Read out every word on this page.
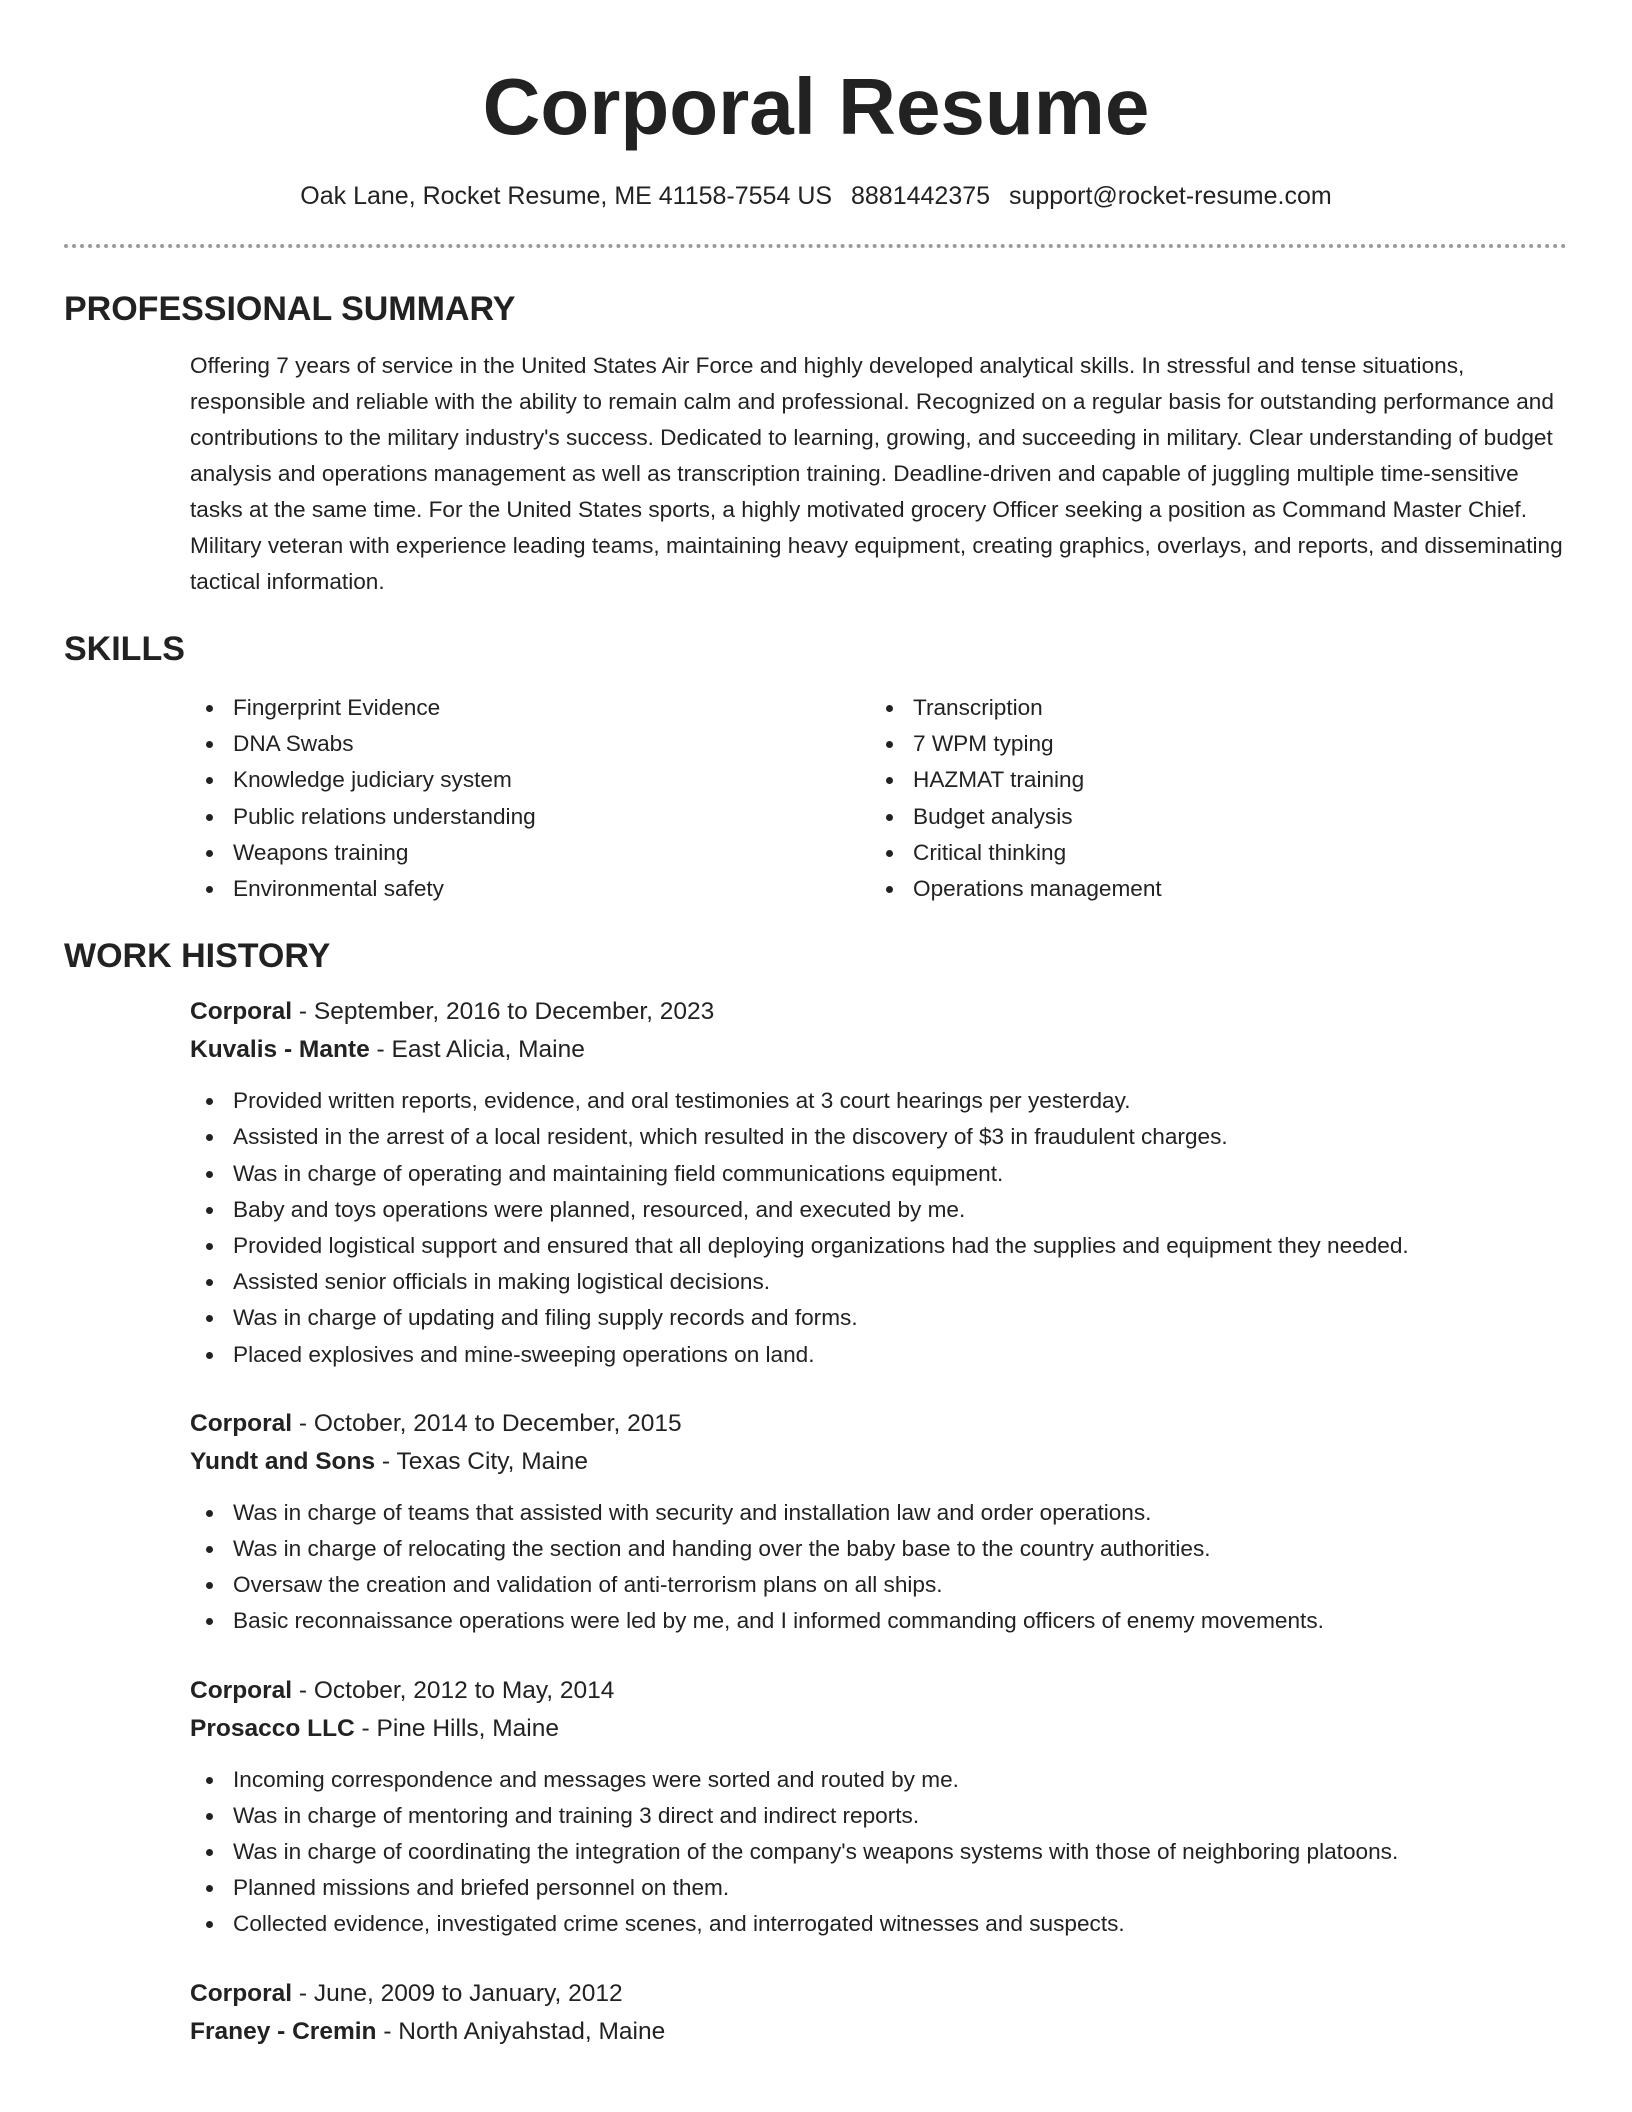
Corporal Resume
Oak Lane, Rocket Resume, ME 41158-7554 US 8881442375 support@rocket-resume.com
PROFESSIONAL SUMMARY

Offering 7 years of service in the United States Air Force and highly developed analytical skills. In stressful and tense situations, responsible and reliable with the ability to remain calm and professional. Recognized on a regular basis for outstanding performance and contributions to the military industry's success. Dedicated to learning, growing, and succeeding in military. Clear understanding of budget analysis and operations management as well as transcription training. Deadline-driven and capable of juggling multiple time-sensitive tasks at the same time. For the United States sports, a highly motivated grocery Officer seeking a position as Command Master Chief. Military veteran with experience leading teams, maintaining heavy equipment, creating graphics, overlays, and reports, and disseminating tactical information.

SKILLS
Fingerprint Evidence
DNA Swabs
Knowledge judiciary system
Public relations understanding
Weapons training
Environmental safety
Transcription
7 WPM typing
HAZMAT training
Budget analysis
Critical thinking
Operations management
WORK HISTORY
Corporal - September, 2016 to December, 2023
Kuvalis - Mante - East Alicia, Maine
Provided written reports, evidence, and oral testimonies at 3 court hearings per yesterday.
Assisted in the arrest of a local resident, which resulted in the discovery of $3 in fraudulent charges.
Was in charge of operating and maintaining field communications equipment.
Baby and toys operations were planned, resourced, and executed by me.
Provided logistical support and ensured that all deploying organizations had the supplies and equipment they needed.
Assisted senior officials in making logistical decisions.
Was in charge of updating and filing supply records and forms.
Placed explosives and mine-sweeping operations on land.
Corporal - October, 2014 to December, 2015
Yundt and Sons - Texas City, Maine
Was in charge of teams that assisted with security and installation law and order operations.
Was in charge of relocating the section and handing over the baby base to the country authorities.
Oversaw the creation and validation of anti-terrorism plans on all ships.
Basic reconnaissance operations were led by me, and I informed commanding officers of enemy movements.
Corporal - October, 2012 to May, 2014
Prosacco LLC - Pine Hills, Maine
Incoming correspondence and messages were sorted and routed by me.
Was in charge of mentoring and training 3 direct and indirect reports.
Was in charge of coordinating the integration of the company's weapons systems with those of neighboring platoons.
Planned missions and briefed personnel on them.
Collected evidence, investigated crime scenes, and interrogated witnesses and suspects.
Corporal - June, 2009 to January, 2012
Franey - Cremin - North Aniyahstad, Maine
